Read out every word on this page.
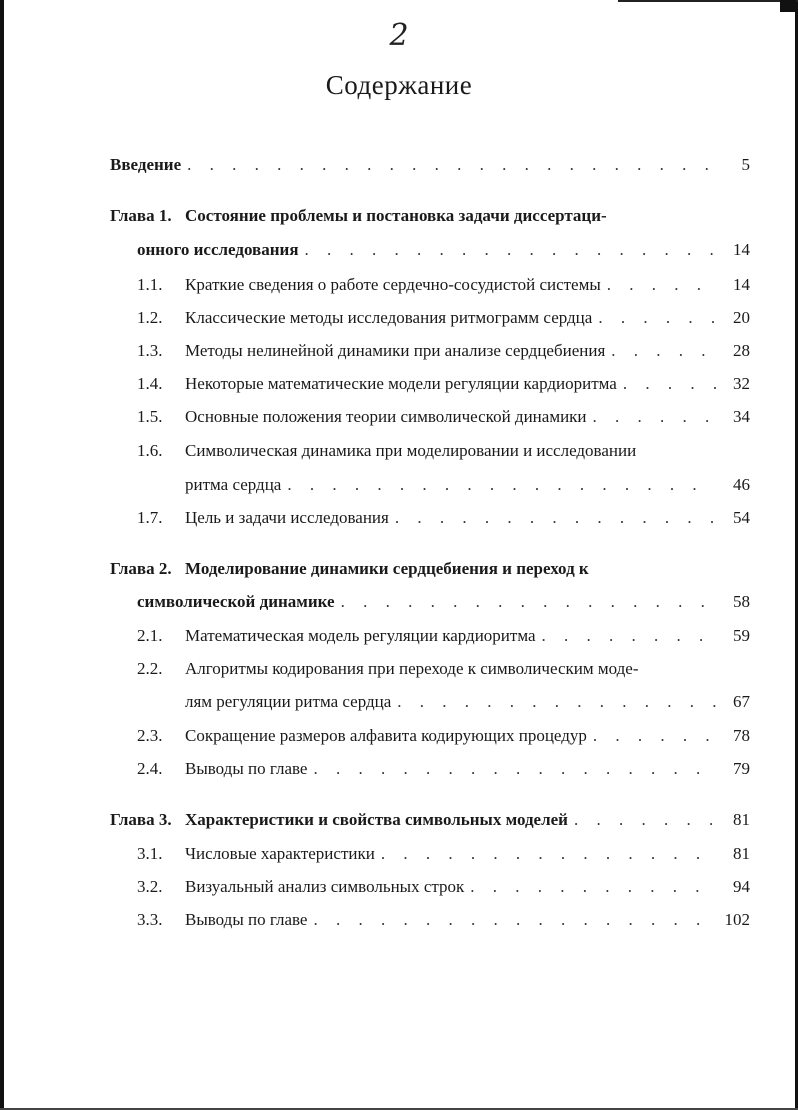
2
Содержание
Введение . . .	5
Глава 1. Состояние проблемы и постановка задачи диссертаци-
онного исследования . . .	14
1.1.	Краткие сведения о работе сердечно-сосудистой системы . . .	14
1.2.	Классические методы исследования ритмограмм сердца . . .	20
1.3.	Методы нелинейной динамики при анализе сердцебиения . . .	28
1.4.	Некоторые математические модели регуляции кардиоритма . . .	32
1.5.	Основные положения теории символической динамики . . .	34
1.6.	Символическая динамика при моделировании и исследовании
ритма сердца . . .	46
1.7.	Цель и задачи исследования . . .	54
Глава 2. Моделирование динамики сердцебиения и переход к
символической динамике . . .	58
2.1.	Математическая модель регуляции кардиоритма . . .	59
2.2.	Алгоритмы кодирования при переходе к символическим моде-
лям регуляции ритма сердца . . .	67
2.3.	Сокращение размеров алфавита кодирующих процедур . . .	78
2.4.	Выводы по главе . . .	79
Глава 3. Характеристики и свойства символьных моделей . . .	81
3.1.	Числовые характеристики . . .	81
3.2.	Визуальный анализ символьных строк . . .	94
3.3.	Выводы по главе . . .	102
